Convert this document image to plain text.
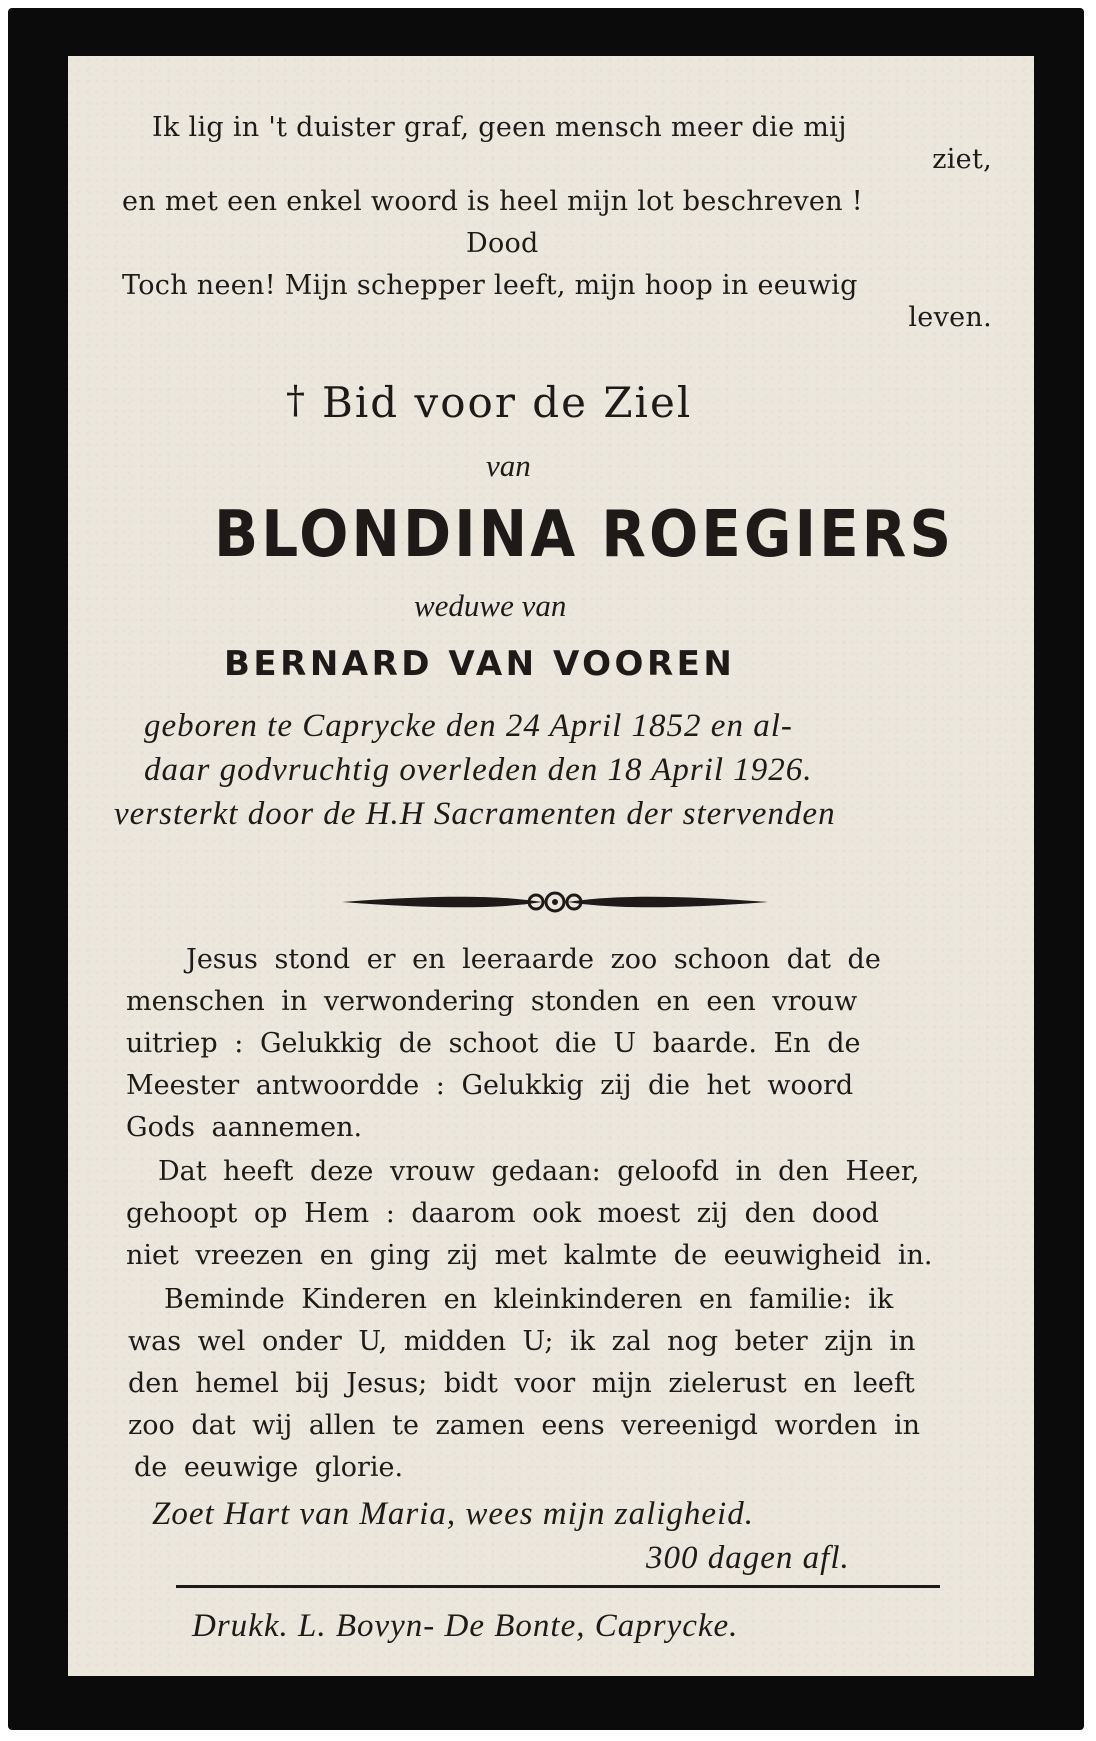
Ik lig in 't duister graf, geen mensch meer die mij
ziet,
en met een enkel woord is heel mijn lot beschreven !
Dood
Toch neen! Mijn schepper leeft, mijn hoop in eeuwig
leven.
† Bid voor de Ziel
van
BLONDINA ROEGIERS
weduwe van
BERNARD VAN VOOREN
geboren te Caprycke den 24 April 1852 en al-
daar godvruchtig overleden den 18 April 1926.
versterkt door de H.H Sacramenten der stervenden
Jesus stond er en leeraarde zoo schoon dat de
menschen in verwondering stonden en een vrouw
uitriep : Gelukkig de schoot die U baarde. En de
Meester antwoordde : Gelukkig zij die het woord
Gods aannemen.
Dat heeft deze vrouw gedaan: geloofd in den Heer,
gehoopt op Hem : daarom ook moest zij den dood
niet vreezen en ging zij met kalmte de eeuwigheid in.
Beminde Kinderen en kleinkinderen en familie: ik
was wel onder U, midden U; ik zal nog beter zijn in
den hemel bij Jesus; bidt voor mijn zielerust en leeft
zoo dat wij allen te zamen eens vereenigd worden in
de eeuwige glorie.
Zoet Hart van Maria, wees mijn zaligheid.
300 dagen afl.
Drukk. L. Bovyn- De Bonte, Caprycke.
